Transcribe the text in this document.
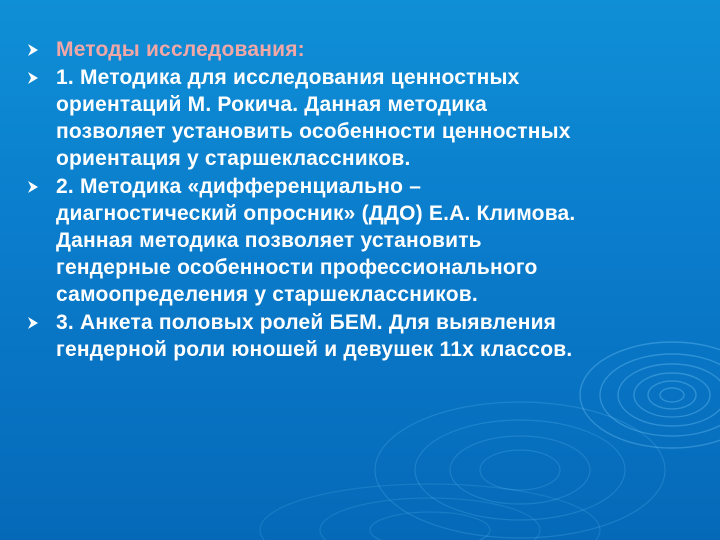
Методы исследования:
1. Методика для исследования ценностных ориентаций М. Рокича. Данная методика позволяет установить особенности ценностных ориентация у старшеклассников.
2. Методика «дифференциально – диагностический опросник» (ДДО) Е.А. Климова. Данная методика позволяет установить гендерные особенности профессионального самоопределения у старшеклассников.
3. Анкета половых ролей БЕМ. Для выявления гендерной роли юношей и девушек 11х классов.
